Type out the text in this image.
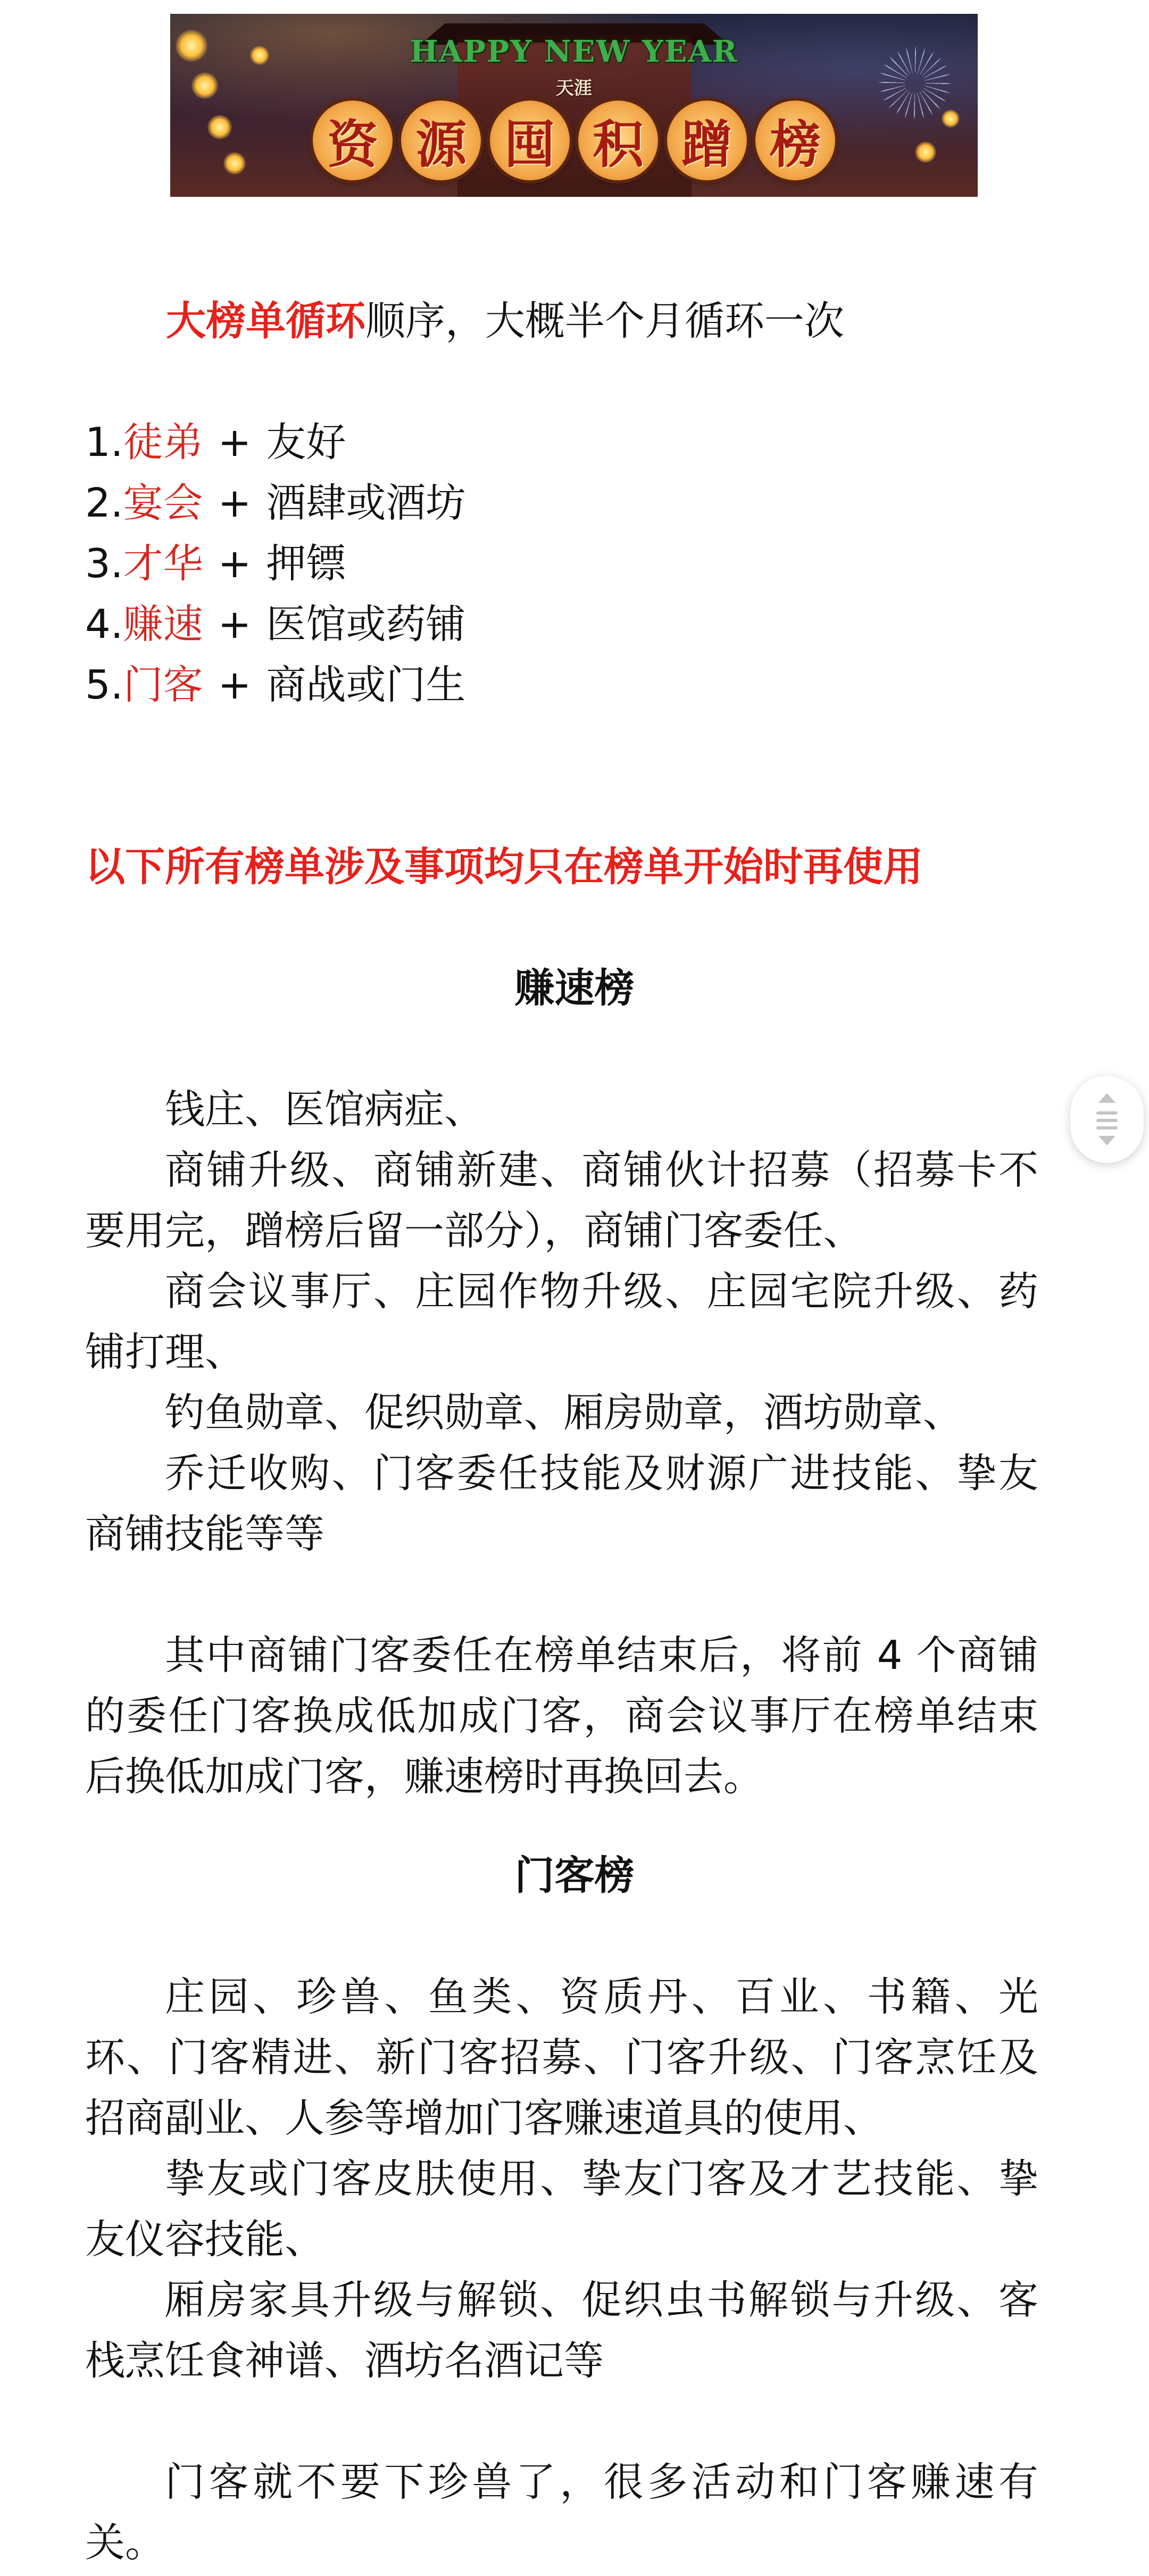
HAPPY NEW YEAR
天涯
资 源 囤 积 蹭 榜
大榜单循环顺序，大概半个月循环一次
1.徒弟 + 友好
2.宴会 + 酒肆或酒坊
3.才华 + 押镖
4.赚速 + 医馆或药铺
5.门客 + 商战或门生
以下所有榜单涉及事项均只在榜单开始时再使用
赚速榜

钱庄、医馆病症、

商铺升级、商铺新建、商铺伙计招募（招募卡不要用完，蹭榜后留一部分），商铺门客委任、

商会议事厅、庄园作物升级、庄园宅院升级、药铺打理、

钓鱼勋章、促织勋章、厢房勋章，酒坊勋章、

乔迁收购、门客委任技能及财源广进技能、挚友商铺技能等等

其中商铺门客委任在榜单结束后，将前 4 个商铺的委任门客换成低加成门客，商会议事厅在榜单结束后换低加成门客，赚速榜时再换回去。

门客榜

庄园、珍兽、鱼类、资质丹、百业、书籍、光环、门客精进、新门客招募、门客升级、门客烹饪及招商副业、人参等增加门客赚速道具的使用、

挚友或门客皮肤使用、挚友门客及才艺技能、挚友仪容技能、

厢房家具升级与解锁、促织虫书解锁与升级、客栈烹饪食神谱、酒坊名酒记等

门客就不要下珍兽了，很多活动和门客赚速有关。
